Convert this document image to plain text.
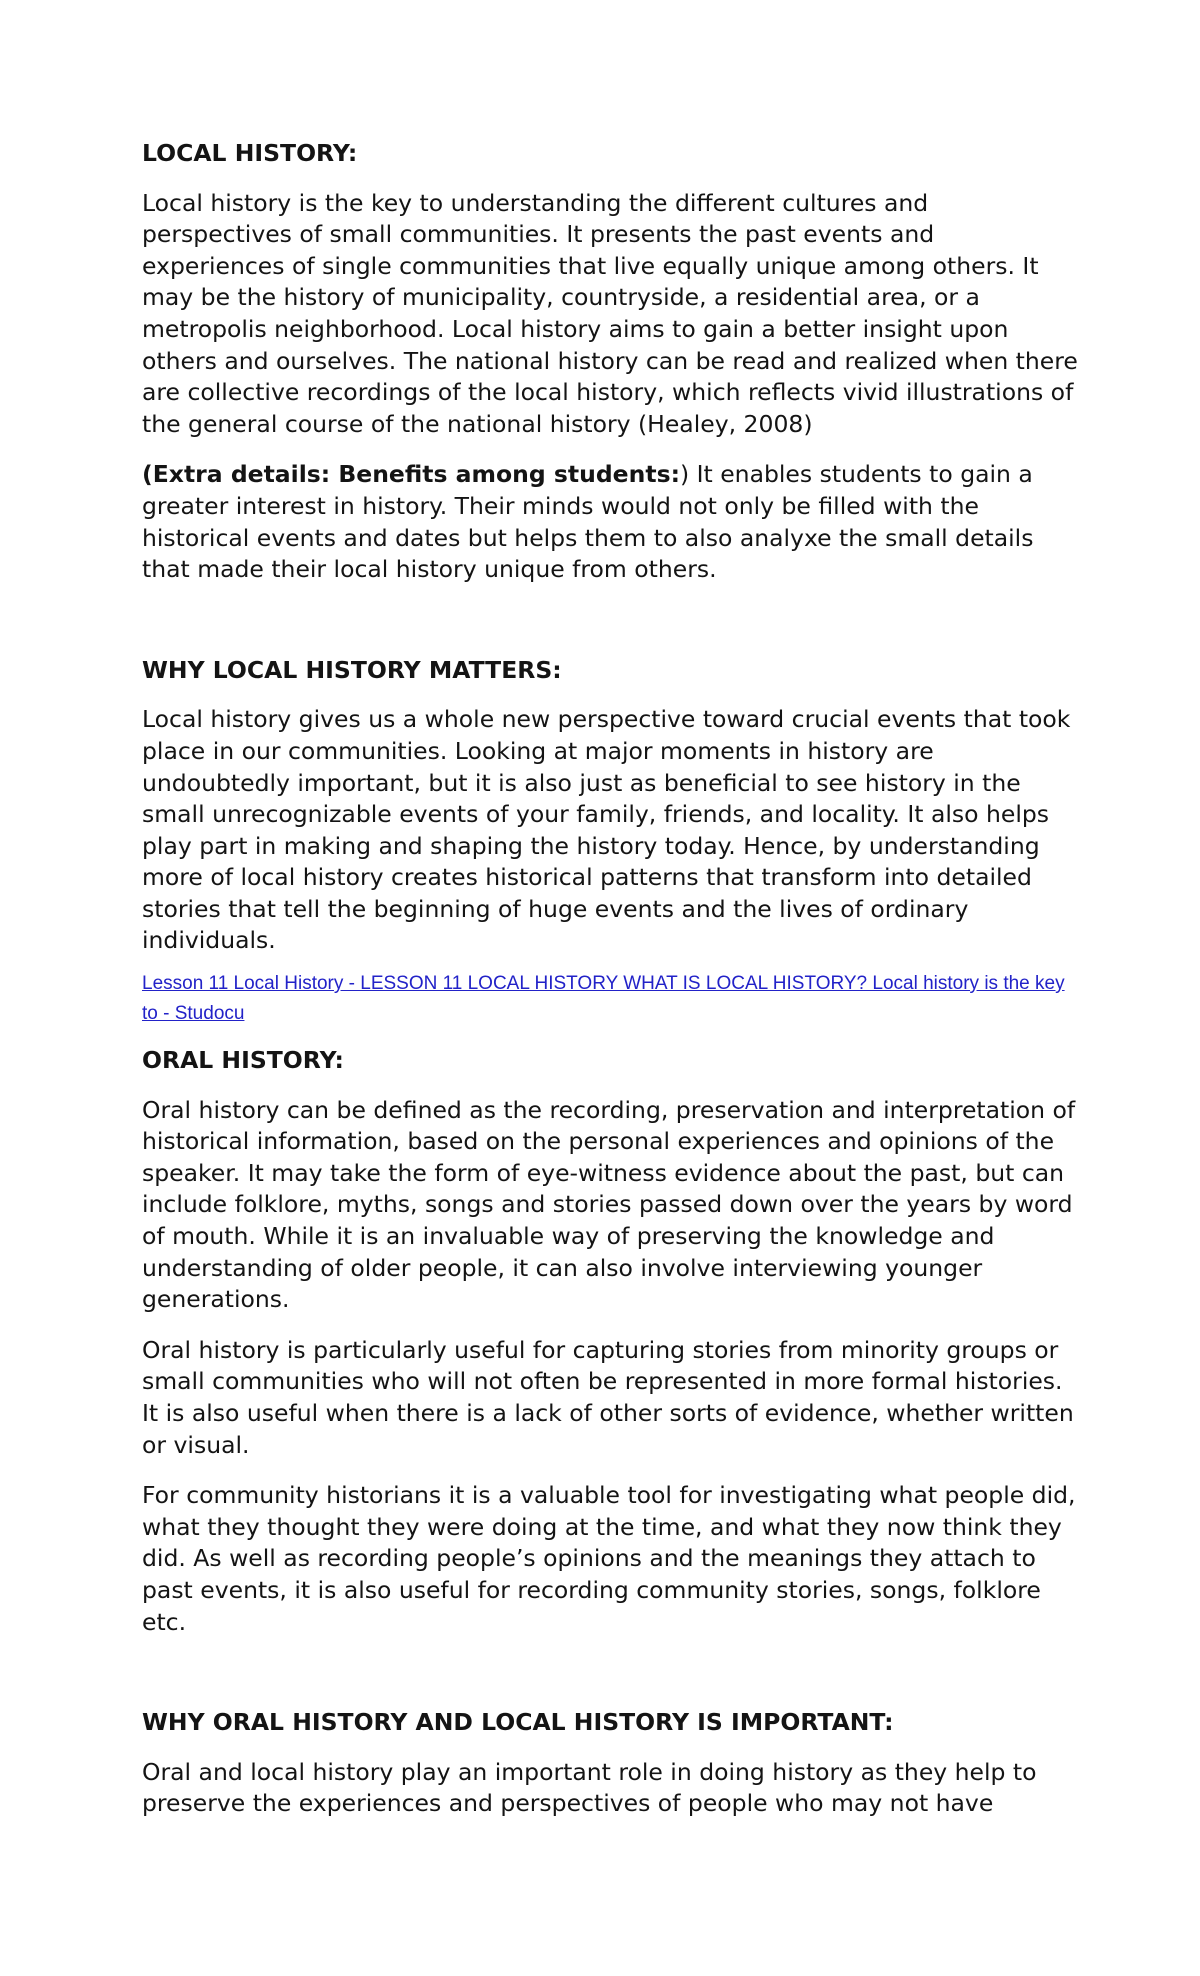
LOCAL HISTORY:

Local history is the key to understanding the different cultures and perspectives of small communities. It presents the past events and experiences of single communities that live equally unique among others. It may be the history of municipality, countryside, a residential area, or a metropolis neighborhood. Local history aims to gain a better insight upon others and ourselves. The national history can be read and realized when there are collective recordings of the local history, which reflects vivid illustrations of the general course of the national history (Healey, 2008)

(Extra details: Benefits among students:) It enables students to gain a greater interest in history. Their minds would not only be filled with the historical events and dates but helps them to also analyxe the small details that made their local history unique from others.

WHY LOCAL HISTORY MATTERS:

Local history gives us a whole new perspective toward crucial events that took place in our communities. Looking at major moments in history are undoubtedly important, but it is also just as beneficial to see history in the small unrecognizable events of your family, friends, and locality. It also helps play part in making and shaping the history today. Hence, by understanding more of local history creates historical patterns that transform into detailed stories that tell the beginning of huge events and the lives of ordinary individuals.

Lesson 11 Local History - LESSON 11 LOCAL HISTORY WHAT IS LOCAL HISTORY? Local history is the key to - Studocu
ORAL HISTORY:

Oral history can be defined as the recording, preservation and interpretation of historical information, based on the personal experiences and opinions of the speaker. It may take the form of eye-witness evidence about the past, but can include folklore, myths, songs and stories passed down over the years by word of mouth. While it is an invaluable way of preserving the knowledge and understanding of older people, it can also involve interviewing younger generations.

Oral history is particularly useful for capturing stories from minority groups or small communities who will not often be represented in more formal histories. It is also useful when there is a lack of other sorts of evidence, whether written or visual.

For community historians it is a valuable tool for investigating what people did, what they thought they were doing at the time, and what they now think they did. As well as recording people’s opinions and the meanings they attach to past events, it is also useful for recording community stories, songs, folklore etc.

WHY ORAL HISTORY AND LOCAL HISTORY IS IMPORTANT:

Oral and local history play an important role in doing history as they help to preserve the experiences and perspectives of people who may not have
